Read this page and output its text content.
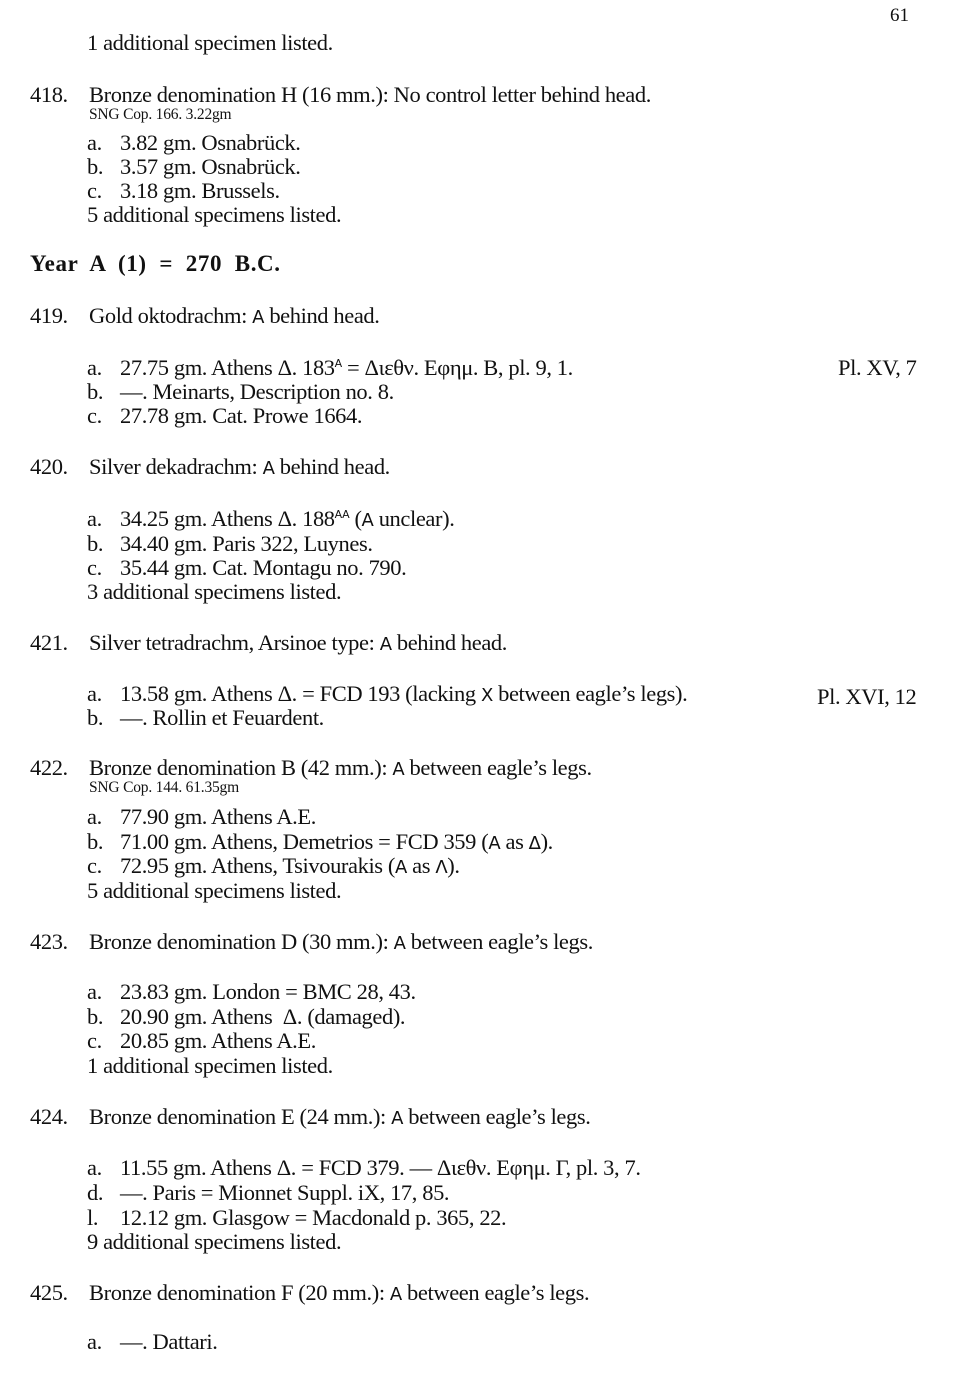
61
1 additional specimen listed.
418. Bronze denomination H (16 mm.): No control letter behind head.
SNG Cop. 166. 3.22gm
a. 3.82 gm. Osnabrück.
b. 3.57 gm. Osnabrück.
c. 3.18 gm. Brussels.
5 additional specimens listed.
Year  A  (1)  =  270  B.C.
419. Gold oktodrachm: A behind head.
a. 27.75 gm. Athens Δ. $183^A = \Delta\iota\varepsilon\theta\nu$. Εφημ. B, pl. 9, 1.	Pl. XV, 7
b. —. Meinarts, Description no. 8.
c. 27.78 gm. Cat. Prowe 1664.
420. Silver dekadrachm: A behind head.
a. 34.25 gm. Athens Δ. $188^{AA}$ (A unclear).
b. 34.40 gm. Paris 322, Luynes.
c. 35.44 gm. Cat. Montagu no. 790.
3 additional specimens listed.
421. Silver tetradrachm, Arsinoe type: A behind head.
a. 13.58 gm. Athens Δ. = FCD 193 (lacking X between eagle’s legs).	Pl. XVI, 12
b. —. Rollin et Feuardent.
422. Bronze denomination B (42 mm.): A between eagle’s legs.
SNG Cop. 144. 61.35gm
a. 77.90 gm. Athens A.E.
b. 71.00 gm. Athens, Demetrios = FCD 359 (A as Δ).
c. 72.95 gm. Athens, Tsivourakis (A as Λ).
5 additional specimens listed.
423. Bronze denomination D (30 mm.): A between eagle’s legs.
a. 23.83 gm. London = BMC 28, 43.
b. 20.90 gm. Athens  Δ. (damaged).
c. 20.85 gm. Athens A.E.
1 additional specimen listed.
424. Bronze denomination E (24 mm.): A between eagle’s legs.
a. 11.55 gm. Athens Δ. = FCD 379. — Διεθν. Εφημ. Γ, pl. 3, 7.
d. —. Paris = Mionnet Suppl. iX, 17, 85.
l. 12.12 gm. Glasgow = Macdonald p. 365, 22.
9 additional specimens listed.
425. Bronze denomination F (20 mm.): A between eagle’s legs.
a. —. Dattari.
